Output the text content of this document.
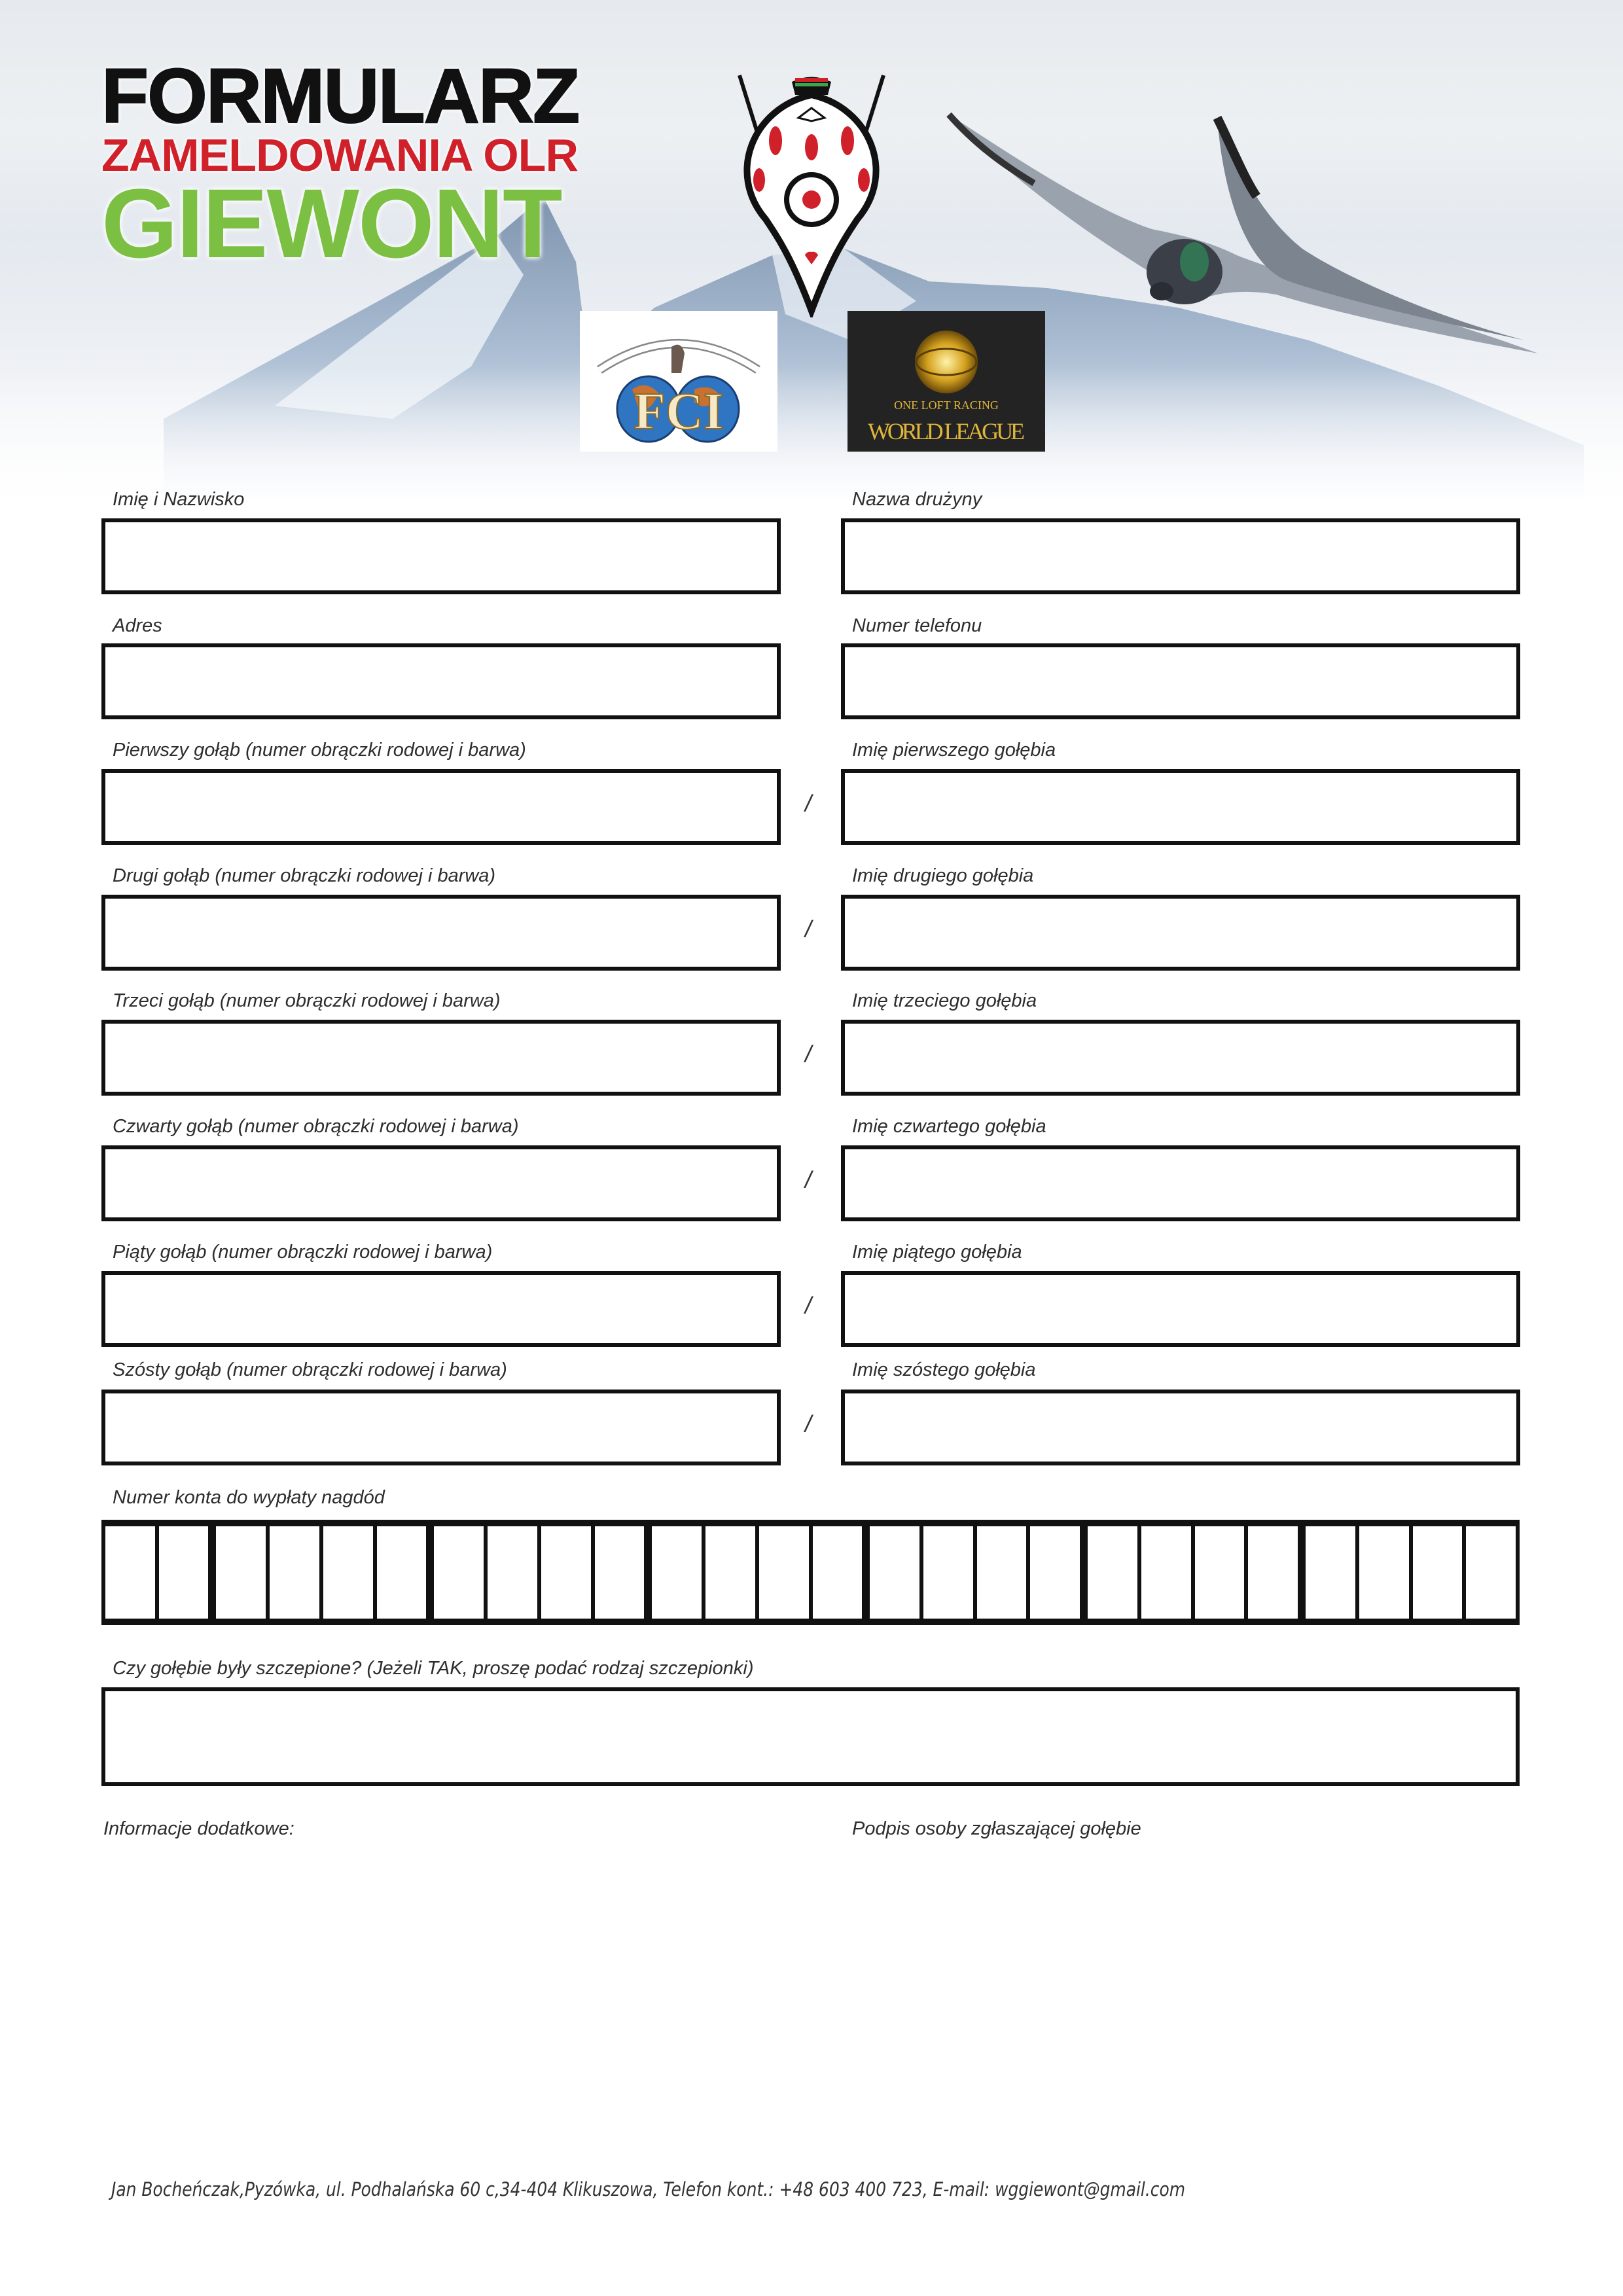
FORMULARZ
ZAMELDOWANIA OLR
GIEWONT
FCI	ONE LOFT RACING
WORLD LEAGUE
Imię i Nazwisko	Nazwa drużyny
Adres	Numer telefonu
Pierwszy gołąb (numer obrączki rodowej i barwa)	Imię pierwszego gołębia
/
Drugi gołąb (numer obrączki rodowej i barwa)	Imię drugiego gołębia
/
Trzeci gołąb (numer obrączki rodowej i barwa)	Imię trzeciego gołębia
/
Czwarty gołąb (numer obrączki rodowej i barwa)	Imię czwartego gołębia
/
Piąty gołąb (numer obrączki rodowej i barwa)	Imię piątego gołębia
/
Szósty gołąb (numer obrączki rodowej i barwa)	Imię szóstego gołębia
/
Numer konta do wypłaty nagdód
Czy gołębie były szczepione? (Jeżeli TAK, proszę podać rodzaj szczepionki)
Informacje dodatkowe:	Podpis osoby zgłaszającej gołębie
Jan Bocheńczak,Pyzówka, ul. Podhalańska 60 c,34-404 Klikuszowa, Telefon kont.: +48 603 400 723, E-mail: wggiewont@gmail.com
